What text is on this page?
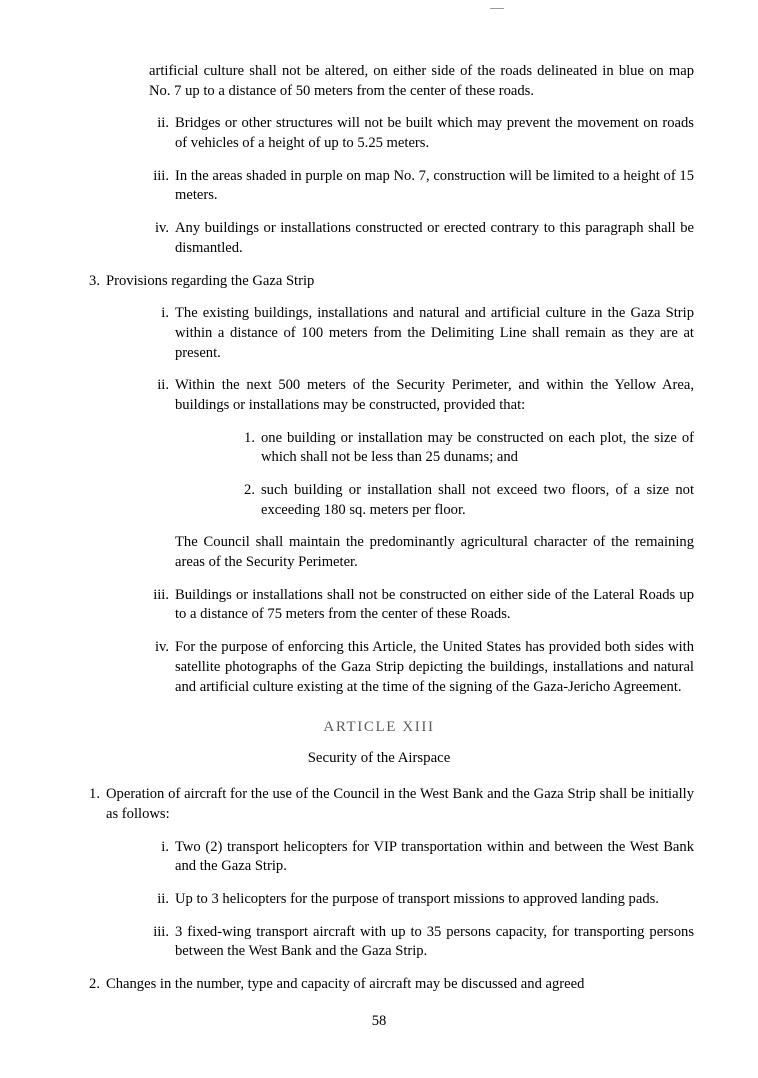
artificial culture shall not be altered, on either side of the roads delineated in blue on map No. 7 up to a distance of 50 meters from the center of these roads.

ii. Bridges or other structures will not be built which may prevent the movement on roads of vehicles of a height of up to 5.25 meters.
iii. In the areas shaded in purple on map No. 7, construction will be limited to a height of 15 meters.
iv. Any buildings or installations constructed or erected contrary to this paragraph shall be dismantled.
3. Provisions regarding the Gaza Strip
i. The existing buildings, installations and natural and artificial culture in the Gaza Strip within a distance of 100 meters from the Delimiting Line shall remain as they are at present.
ii. Within the next 500 meters of the Security Perimeter, and within the Yellow Area, buildings or installations may be constructed, provided that:
1. one building or installation may be constructed on each plot, the size of which shall not be less than 25 dunams; and
2. such building or installation shall not exceed two floors, of a size not exceeding 180 sq. meters per floor.

The Council shall maintain the predominantly agricultural character of the remaining areas of the Security Perimeter.

iii. Buildings or installations shall not be constructed on either side of the Lateral Roads up to a distance of 75 meters from the center of these Roads.
iv. For the purpose of enforcing this Article, the United States has provided both sides with satellite photographs of the Gaza Strip depicting the buildings, installations and natural and artificial culture existing at the time of the signing of the Gaza-Jericho Agreement.
ARTICLE XIII
Security of the Airspace
1. Operation of aircraft for the use of the Council in the West Bank and the Gaza Strip shall be initially as follows:
i. Two (2) transport helicopters for VIP transportation within and between the West Bank and the Gaza Strip.
ii. Up to 3 helicopters for the purpose of transport missions to approved landing pads.
iii. 3 fixed-wing transport aircraft with up to 35 persons capacity, for transporting persons between the West Bank and the Gaza Strip.
2. Changes in the number, type and capacity of aircraft may be discussed and agreed
58
